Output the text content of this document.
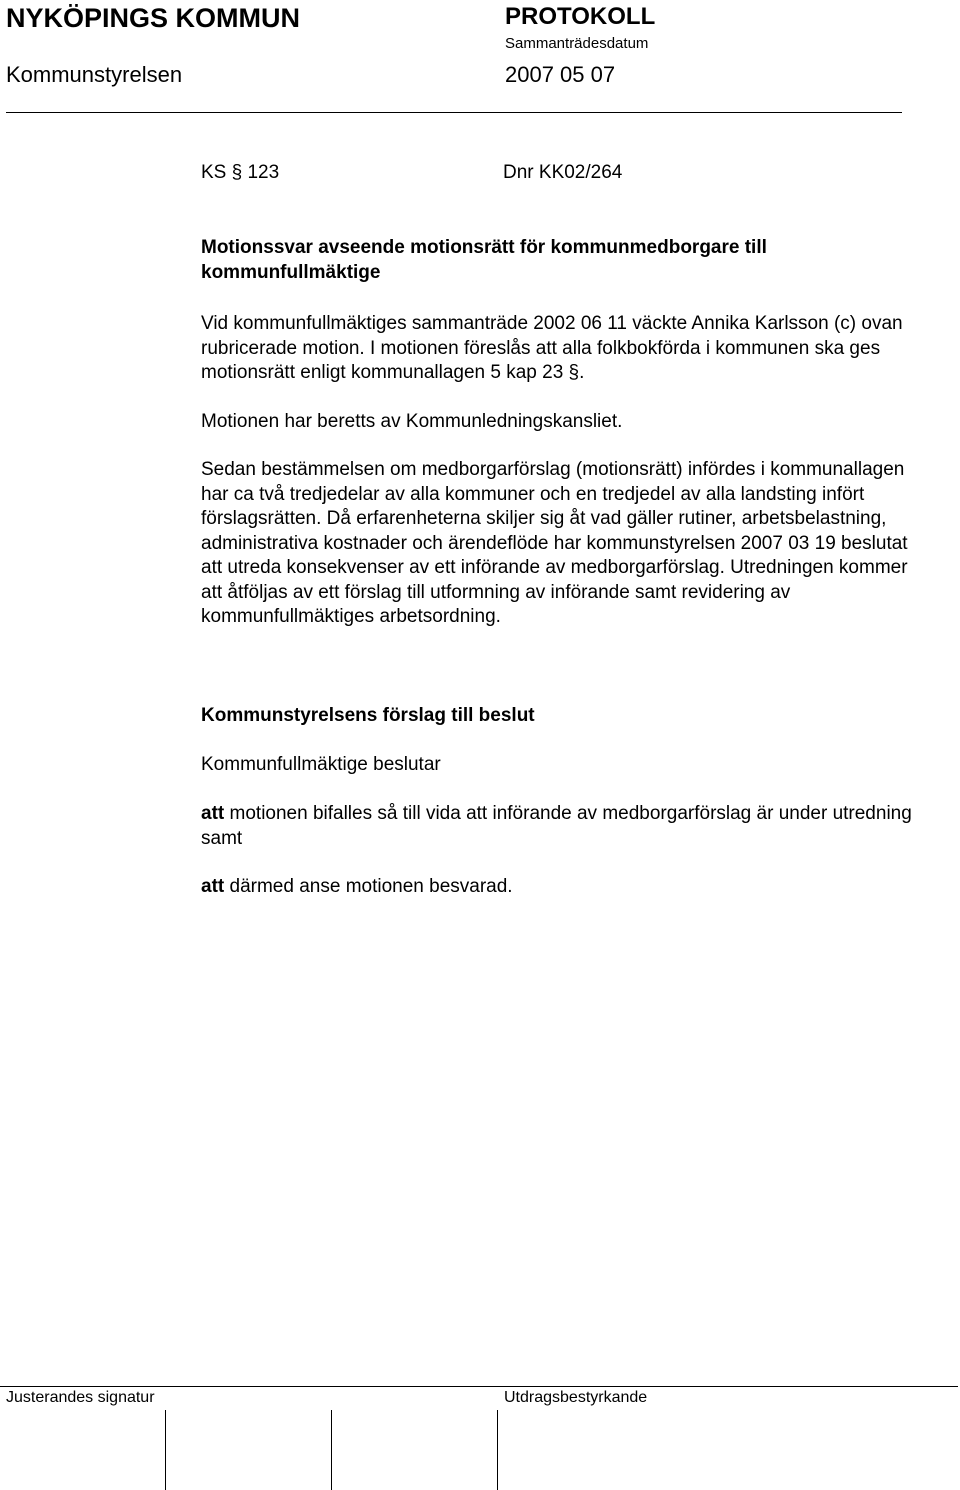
NYKÖPINGS KOMMUN	PROTOKOLL
Sammanträdesdatum
Kommunstyrelsen	2007 05 07
KS § 123	Dnr KK02/264
Motionssvar avseende motionsrätt för kommunmedborgare till kommunfullmäktige
Vid kommunfullmäktiges sammanträde 2002 06 11 väckte Annika Karlsson (c) ovan rubricerade motion. I motionen föreslås att alla folkbokförda i kommunen ska ges motionsrätt enligt kommunallagen 5 kap 23 §.
Motionen har beretts av Kommunledningskansliet.
Sedan bestämmelsen om medborgarförslag (motionsrätt) infördes i kommunallagen har ca två tredjedelar av alla kommuner och en tredjedel av alla landsting infört förslagsrätten. Då erfarenheterna skiljer sig åt vad gäller rutiner, arbetsbelastning, administrativa kostnader och ärendeflöde har kommunstyrelsen 2007 03 19 beslutat att utreda konsekvenser av ett införande av medborgarförslag. Utredningen kommer att åtföljas av ett förslag till utformning av införande samt revidering av kommunfullmäktiges arbetsordning.
Kommunstyrelsens förslag till beslut
Kommunfullmäktige beslutar
att motionen bifalles så till vida att införande av medborgarförslag är under utredning samt
att därmed anse motionen besvarad.
Justerandes signatur	Utdragsbestyrkande
